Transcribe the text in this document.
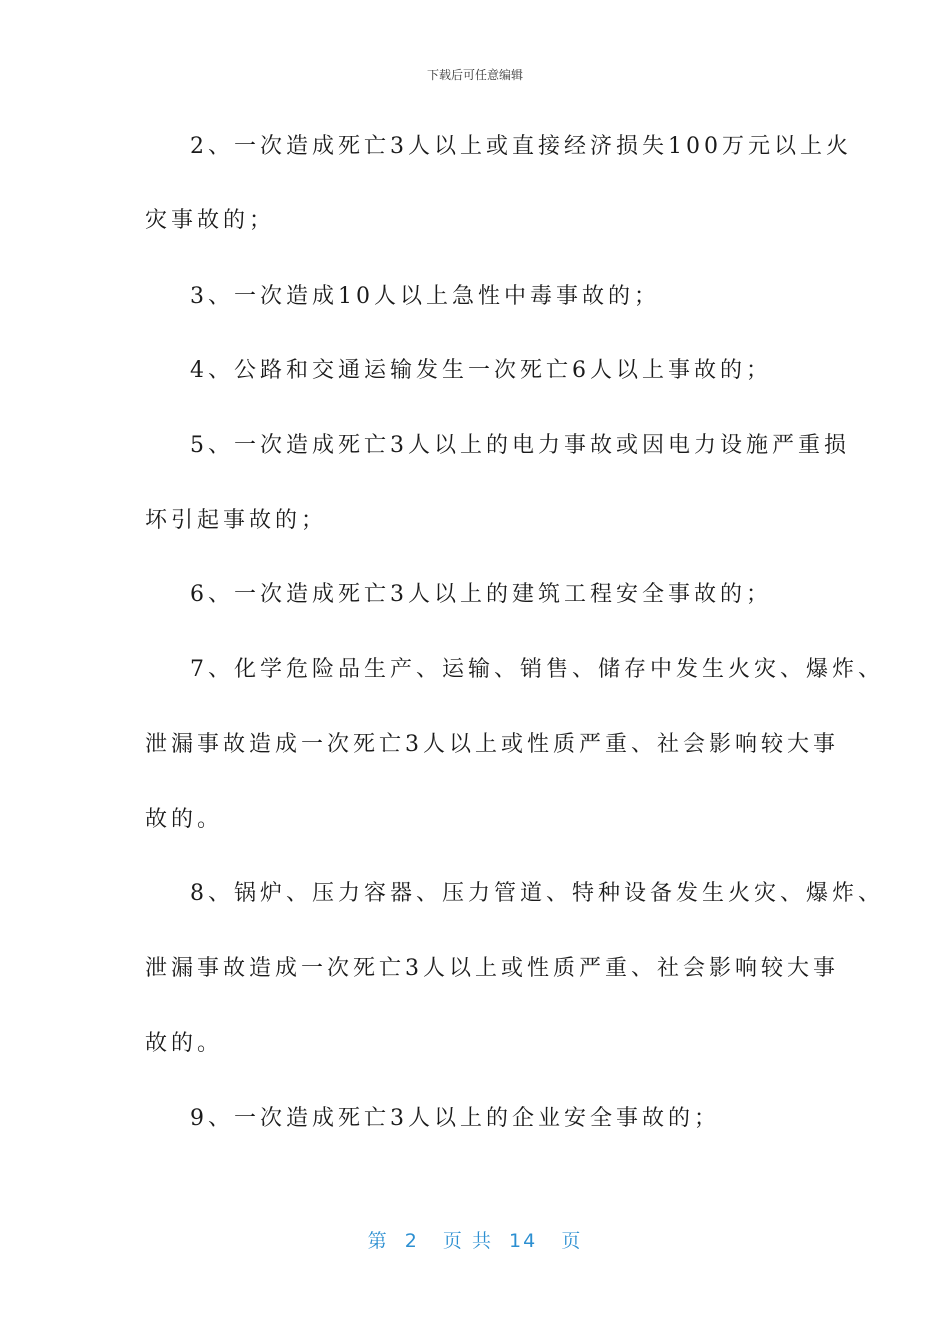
下载后可任意编辑
2、一次造成死亡3人以上或直接经济损失100万元以上火
灾事故的；
3、一次造成10人以上急性中毒事故的；
4、公路和交通运输发生一次死亡6人以上事故的；
5、一次造成死亡3人以上的电力事故或因电力设施严重损
坏引起事故的；
6、一次造成死亡3人以上的建筑工程安全事故的；
7、化学危险品生产、运输、销售、储存中发生火灾、爆炸、
泄漏事故造成一次死亡3人以上或性质严重、社会影响较大事
故的。
8、锅炉、压力容器、压力管道、特种设备发生火灾、爆炸、
泄漏事故造成一次死亡3人以上或性质严重、社会影响较大事
故的。
9、一次造成死亡3人以上的企业安全事故的；
第  2   页 共  14   页
